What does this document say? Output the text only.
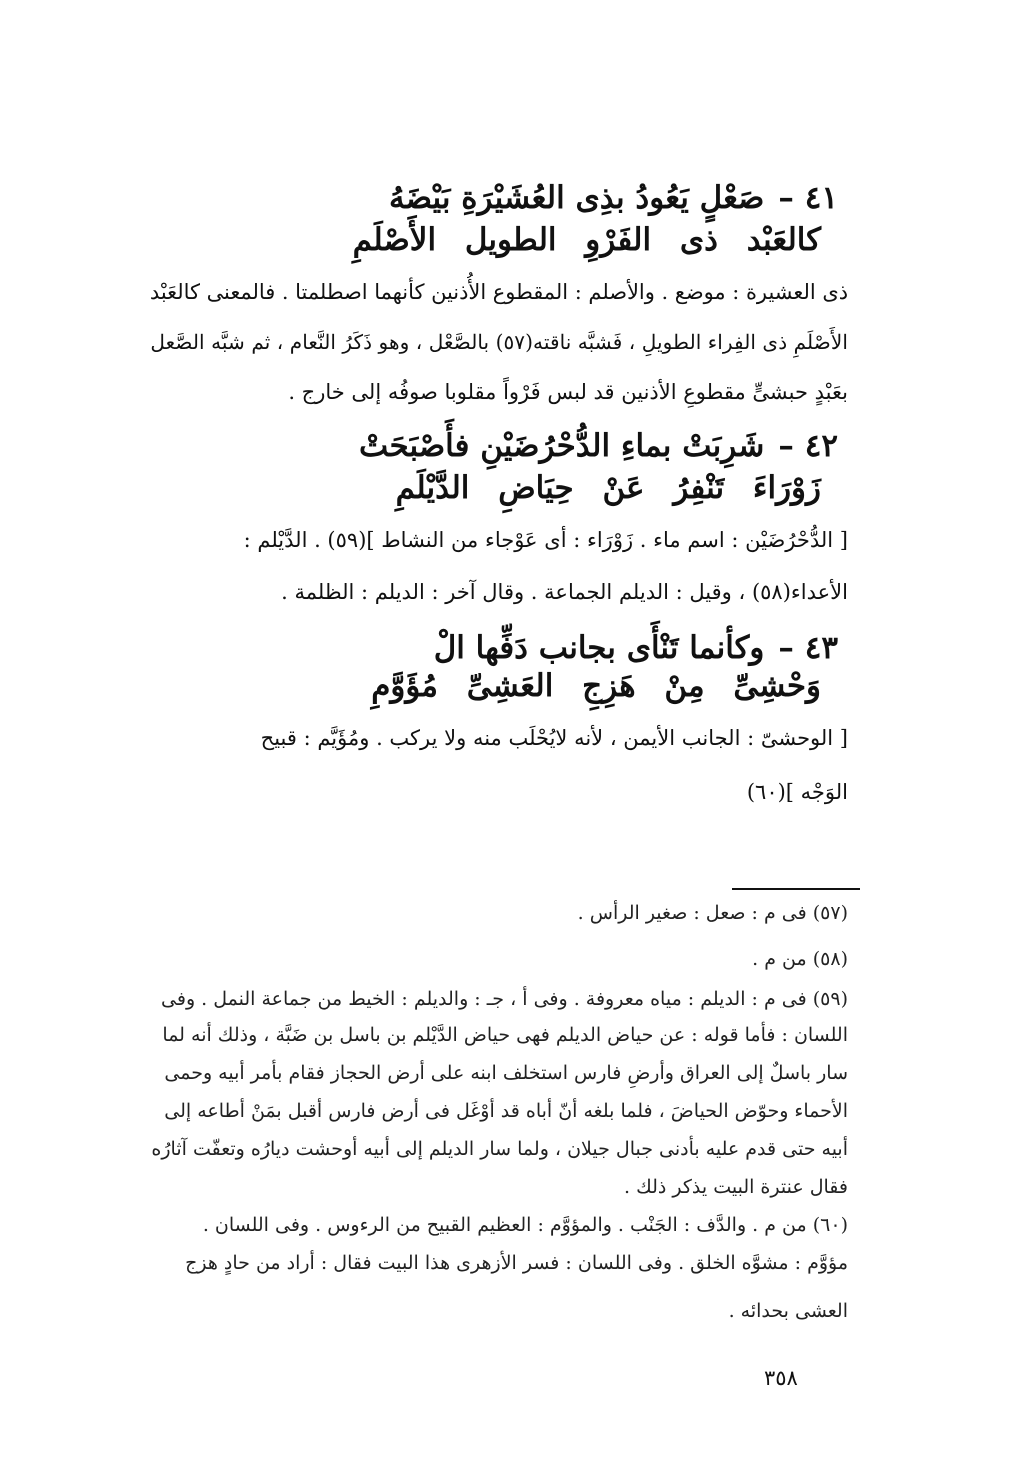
٤١ –صَعْلٍ يَعُودُ بذِى العُشَيْرَةِ بَيْضَهُ
كالعَبْد ذى الفَرْوِ الطويل الأَصْلَمِ
ذى العشيرة : موضع . والأصلم : المقطوع الأُذنين كأنهما اصطلمتا . فالمعنى كالعَبْد
الأَصْلَمِ ذى الفِراء الطويلِ ، فَشبَّه ناقته(٥٧) بالصَّعْل ، وهو ذَكَرُ النَّعام ، ثم شبَّه الصَّعل
بعَبْدٍ حبشىٍّ مقطوعِ الأذنين قد لبس فَرْواً مقلوبا صوفُه إلى خارج .
٤٢ –شَرِبَتْ بماءِ الدُّحْرُضَيْنِ فأَصْبَحَتْ
زَوْرَاءَ تَنْفِرُ عَنْ حِيَاضِ الدَّيْلَمِ
[ الدُّحْرُضَيْن : اسم ماء . زَوْرَاء : أى عَوْجاء من النشاط ](٥٩) . الدَّيْلم :
الأعداء(٥٨) ، وقيل : الديلم الجماعة . وقال آخر : الديلم : الظلمة .
٤٣ –وكأنما تَنْأَى بجانب دَفِّها الْ
وَحْشِىِّ مِنْ هَزِجِ العَشِىِّ مُؤَوَّمِ
[ الوحشىّ : الجانب الأيمن ، لأنه لايُحْلَب منه ولا يركب . ومُؤَيَّم : قبيح
الوَجْه ](٦٠)
(٥٧) فى م : صعل : صغير الرأس .
(٥٨) من م .
(٥٩) فى م : الديلم : مياه معروفة . وفى أ ، جـ : والديلم : الخيط من جماعة النمل . وفى
اللسان : فأما قوله : عن حياض الديلم فهى حياض الدَّيْلم بن باسل بن ضَبَّة ، وذلك أنه لما
سار باسلٌ إلى العراق وأرضِ فارس استخلف ابنه على أرض الحجاز فقام بأمر أبيه وحمى
الأحماء وحوّض الحياضَ ، فلما بلغه أنّ أباه قد أوْغَل فى أرض فارس أقبل بمَنْ أطاعه إلى
أبيه حتى قدم عليه بأدنى جبال جيلان ، ولما سار الديلم إلى أبيه أوحشت ديارُه وتعفّت آثارُه
فقال عنترة البيت يذكر ذلك .
(٦٠) من م . والدَّف : الجَنْب . والمؤوَّم : العظيم القبيح من الرءوس . وفى اللسان .
مؤوَّم : مشوَّه الخلق . وفى اللسان : فسر الأزهرى هذا البيت فقال : أراد من حادٍ هزج
العشى بحدائه .
٣٥٨
